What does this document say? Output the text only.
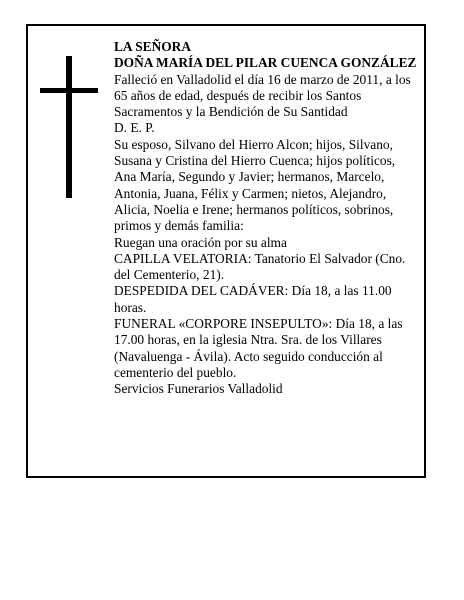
LA SEÑORA

DOÑA MARÍA DEL PILAR CUENCA GONZÁLEZ

Falleció en Valladolid el día 16 de marzo de 2011, a los 65 años de edad, después de recibir los Santos Sacramentos y la Bendición de Su Santidad

D. E. P.

Su esposo, Silvano del Hierro Alcon; hijos, Silvano, Susana y Cristina del Hierro Cuenca; hijos políticos, Ana María, Segundo y Javier; hermanos, Marcelo, Antonia, Juana, Félix y Carmen; nietos, Alejandro, Alicia, Noelia e Irene; hermanos políticos, sobrinos, primos y demás familia:

Ruegan una oración por su alma

CAPILLA VELATORIA: Tanatorio El Salvador (Cno. del Cementerio, 21).

DESPEDIDA DEL CADÁVER: Día 18, a las 11.00 horas.

FUNERAL «CORPORE INSEPULTO»: Día 18, a las 17.00 horas, en la iglesia Ntra. Sra. de los Villares (Navaluenga - Ávila). Acto seguido conducción al cementerio del pueblo.

Servicios Funerarios Valladolid
